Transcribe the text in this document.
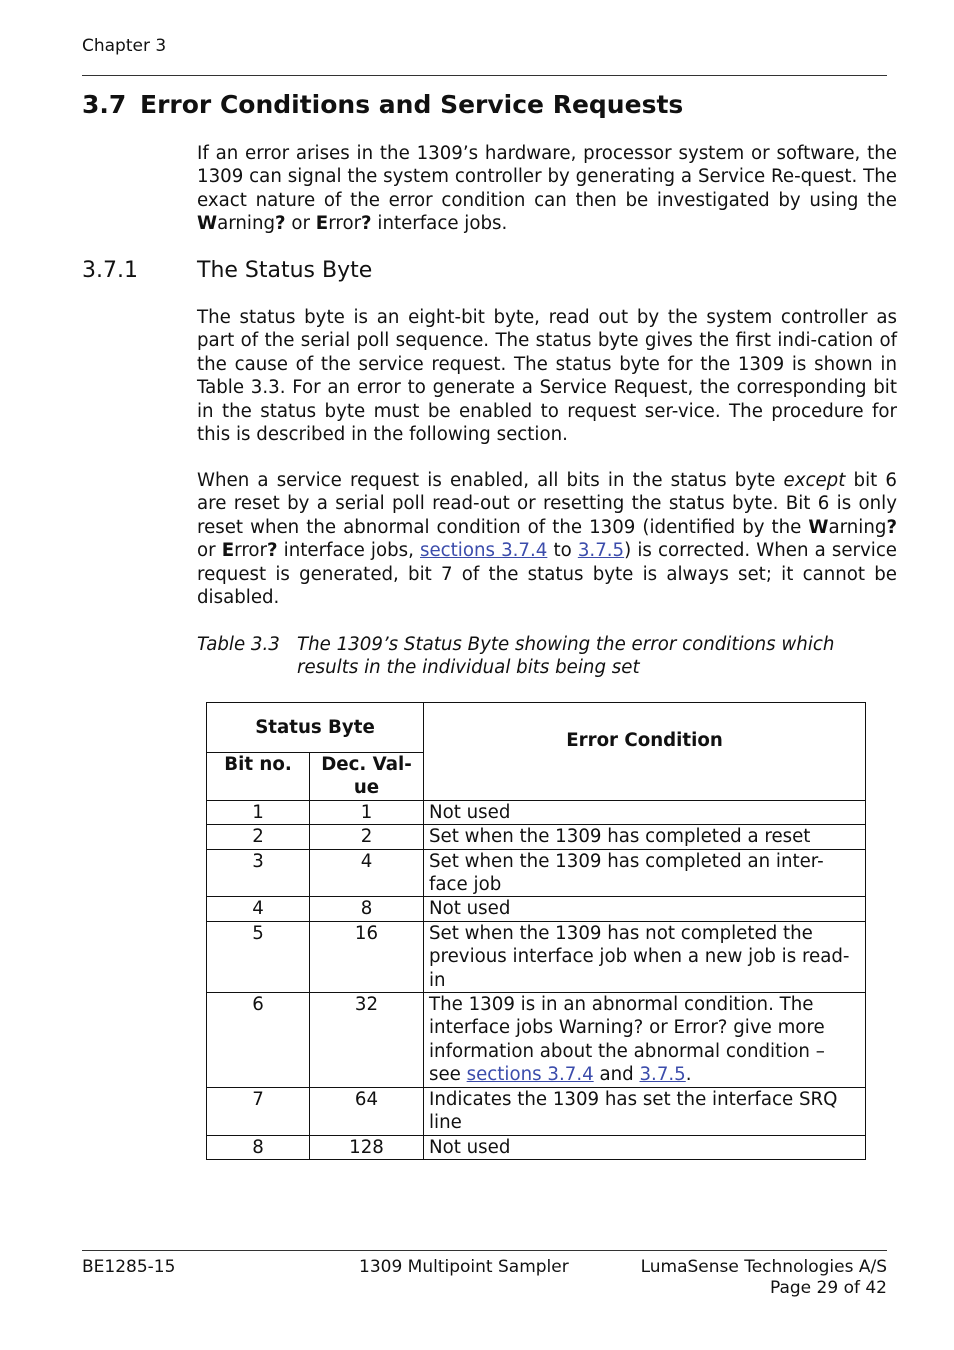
Chapter 3
3.7 Error Conditions and Service Requests

If an error arises in the 1309’s hardware, processor system or software, the 1309 can signal the system controller by generating a Service Re-quest. The exact nature of the error condition can then be investigated by using the Warning? or Error? interface jobs.

3.7.1	The Status Byte

The status byte is an eight-bit byte, read out by the system controller as part of the serial poll sequence. The status byte gives the first indi-cation of the cause of the service request. The status byte for the 1309 is shown in Table 3.3. For an error to generate a Service Request, the corresponding bit in the status byte must be enabled to request ser-vice. The procedure for this is described in the following section.

When a service request is enabled, all bits in the status byte except bit 6 are reset by a serial poll read-out or resetting the status byte. Bit 6 is only reset when the abnormal condition of the 1309 (identified by the Warning? or Error? interface jobs, sections 3.7.4 to 3.7.5) is corrected. When a service request is generated, bit 7 of the status byte is always set; it cannot be disabled.

Table 3.3 The 1309’s Status Byte showing the error conditions which
results in the individual bits being set
Status Byte		Error Condition
Bit no.	Dec. Val-ue	
1	1	Not used
2	2	Set when the 1309 has completed a reset
3	4	Set when the 1309 has completed an inter-face job
4	8	Not used
5	16	Set when the 1309 has not completed the previous interface job when a new job is read-in
6	32	The 1309 is in an abnormal condition. The interface jobs Warning? or Error? give more information about the abnormal condition – see sections 3.7.4 and 3.7.5.
7	64	Indicates the 1309 has set the interface SRQ line
8	128	Not used
BE1285-15	1309 Multipoint Sampler	LumaSense Technologies A/S
Page 29 of 42
